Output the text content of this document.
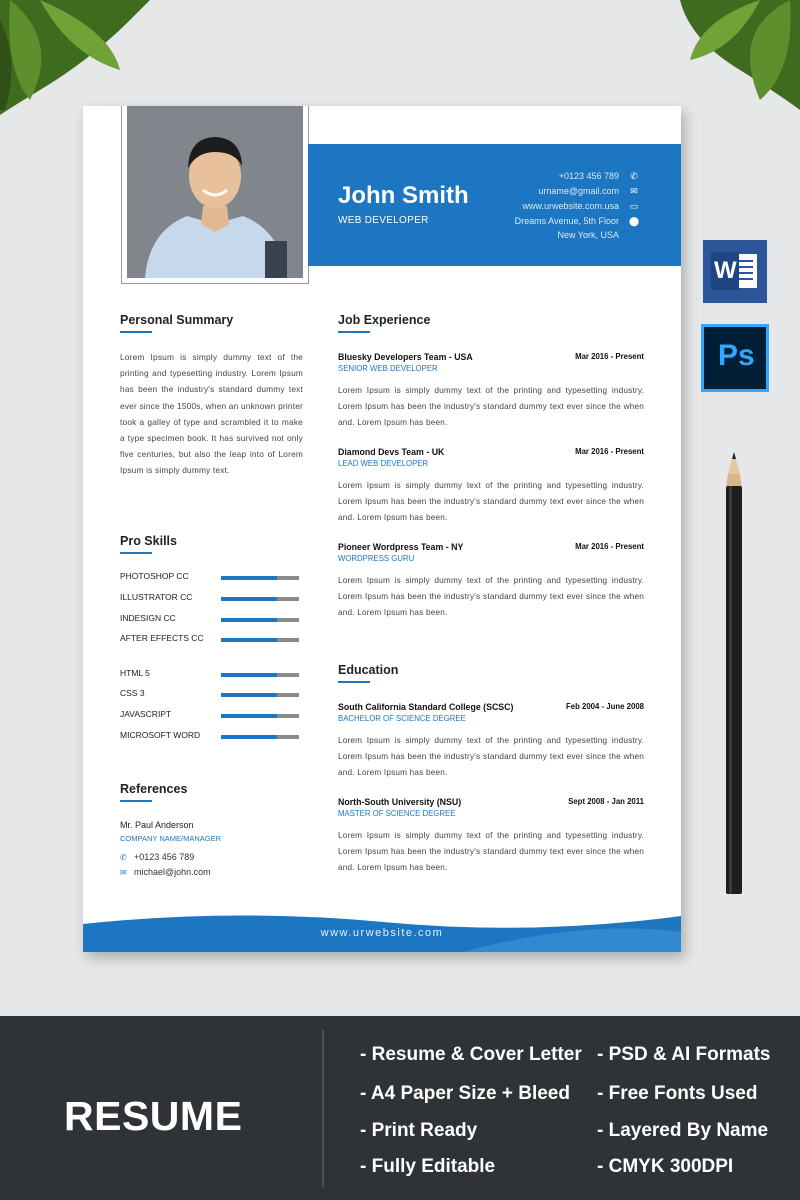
John Smith
WEB DEVELOPER
+0123 456 789	✆
urname@gmail.com	✉
www.urwebsite.com.usa	▭
Dreams Avenue, 5th Floor
New York, USA
⬤
Personal Summary
Lorem Ipsum is simply dummy text of the printing and typesetting industry. Lorem Ipsum has been the industry's standard dummy text ever since the 1500s, when an unknown printer took a galley of type and scrambled it to make a type specimen book. It has survived not only five centuries, but also the leap into of Lorem Ipsum is simply dummy text.
Pro Skills
PHOTOSHOP CC
ILLUSTRATOR CC
INDESIGN CC
AFTER EFFECTS CC
HTML 5
CSS 3
JAVASCRIPT
MICROSOFT WORD
References
Mr. Paul Anderson
COMPANY NAME/MANAGER
✆ +0123 456 789
✉ michael@john.com
Job Experience
Bluesky Developers Team - USA	Mar 2016 - Present
SENIOR WEB DEVELOPER
Lorem Ipsum is simply dummy text of the printing and typesetting industry. Lorem Ipsum has been the industry's standard dummy text ever since the when and. Lorem Ipsum has been.
Diamond Devs Team - UK	Mar 2016 - Present
LEAD WEB DEVELOPER
Lorem Ipsum is simply dummy text of the printing and typesetting industry. Lorem Ipsum has been the industry's standard dummy text ever since the when and. Lorem Ipsum has been.
Pioneer Wordpress Team - NY	Mar 2016 - Present
WORDPRESS GURU
Lorem Ipsum is simply dummy text of the printing and typesetting industry. Lorem Ipsum has been the industry's standard dummy text ever since the when and. Lorem Ipsum has been.
Education
South California Standard College (SCSC)	Feb 2004 - June 2008
BACHELOR OF SCIENCE DEGREE
Lorem Ipsum is simply dummy text of the printing and typesetting industry. Lorem Ipsum has been the industry's standard dummy text ever since the when and. Lorem Ipsum has been.
North-South University (NSU)	Sept 2008 - Jan 2011
MASTER OF SCIENCE DEGREE
Lorem Ipsum is simply dummy text of the printing and typesetting industry. Lorem Ipsum has been the industry's standard dummy text ever since the when and. Lorem Ipsum has been.
www.urwebsite.com
W
Ps
RESUME
- Resume & Cover Letter
- A4 Paper Size + Bleed
- Print Ready
- Fully Editable
- PSD & AI Formats
- Free Fonts Used
- Layered By Name
- CMYK 300DPI
